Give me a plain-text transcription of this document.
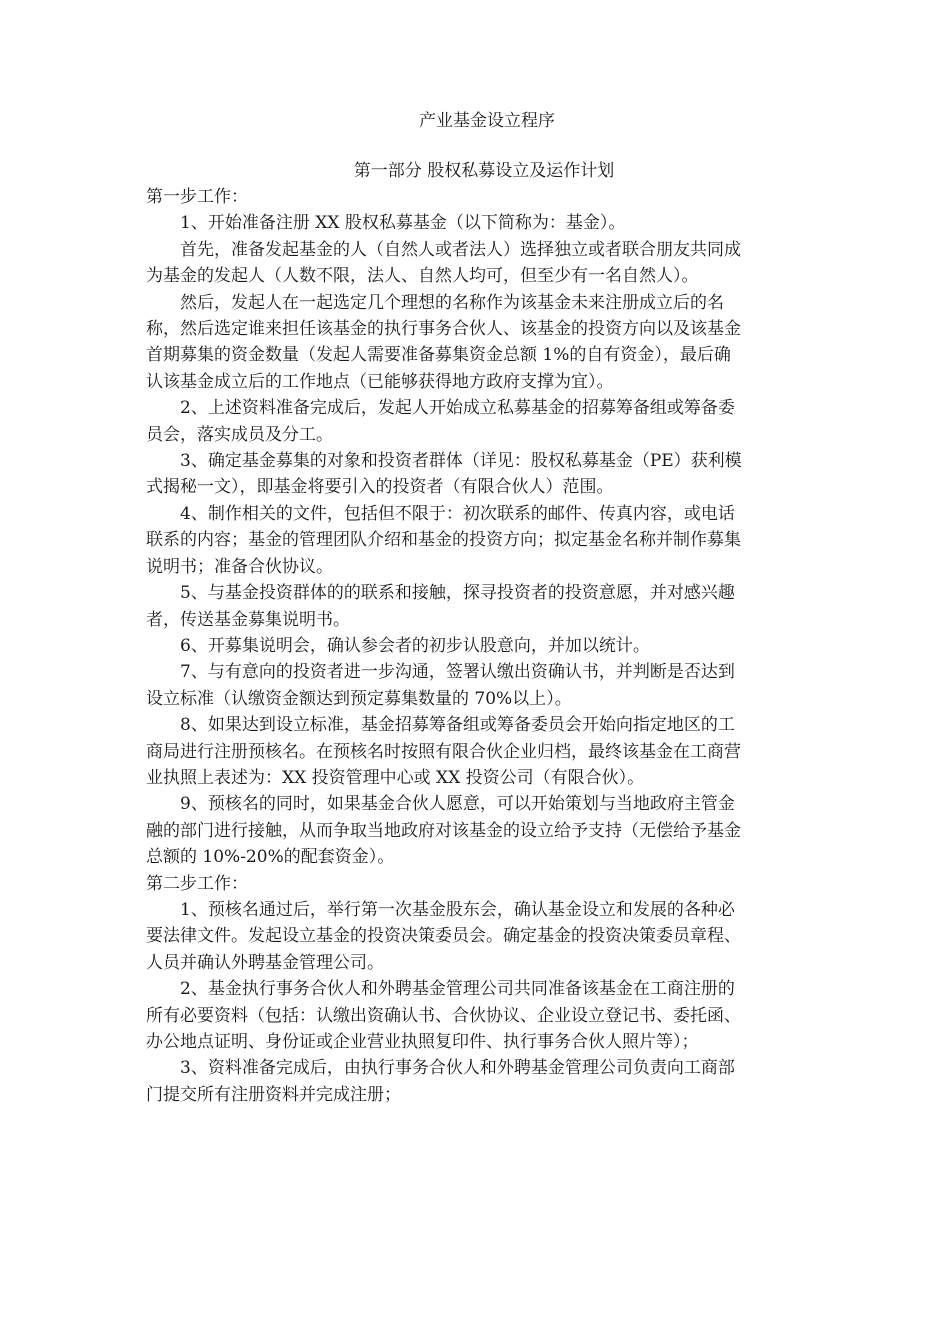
产业基金设立程序

第一部分 股权私募设立及运作计划

第一步工作：

1、开始准备注册 XX 股权私募基金（以下简称为：基金）。
首先，准备发起基金的人（自然人或者法人）选择独立或者联合朋友共同成
为基金的发起人（人数不限，法人、自然人均可，但至少有一名自然人）。
然后，发起人在一起选定几个理想的名称作为该基金未来注册成立后的名
称，然后选定谁来担任该基金的执行事务合伙人、该基金的投资方向以及该基金
首期募集的资金数量（发起人需要准备募集资金总额 1%的自有资金），最后确
认该基金成立后的工作地点（已能够获得地方政府支撑为宜）。
2、上述资料准备完成后，发起人开始成立私募基金的招募筹备组或筹备委
员会，落实成员及分工。
3、确定基金募集的对象和投资者群体（详见：股权私募基金（PE）获利模
式揭秘一文），即基金将要引入的投资者（有限合伙人）范围。
4、制作相关的文件，包括但不限于：初次联系的邮件、传真内容，或电话
联系的内容；基金的管理团队介绍和基金的投资方向；拟定基金名称并制作募集
说明书；准备合伙协议。
5、与基金投资群体的的联系和接触，探寻投资者的投资意愿，并对感兴趣
者，传送基金募集说明书。
6、开募集说明会，确认参会者的初步认股意向，并加以统计。
7、与有意向的投资者进一步沟通，签署认缴出资确认书，并判断是否达到
设立标准（认缴资金额达到预定募集数量的 70%以上）。
8、如果达到设立标准，基金招募筹备组或筹备委员会开始向指定地区的工
商局进行注册预核名。在预核名时按照有限合伙企业归档，最终该基金在工商营
业执照上表述为：XX 投资管理中心或 XX 投资公司（有限合伙）。
9、预核名的同时，如果基金合伙人愿意，可以开始策划与当地政府主管金
融的部门进行接触，从而争取当地政府对该基金的设立给予支持（无偿给予基金
总额的 10%-20%的配套资金）。

第二步工作：

1、预核名通过后，举行第一次基金股东会，确认基金设立和发展的各种必
要法律文件。发起设立基金的投资决策委员会。确定基金的投资决策委员章程、
人员并确认外聘基金管理公司。
2、基金执行事务合伙人和外聘基金管理公司共同准备该基金在工商注册的
所有必要资料（包括：认缴出资确认书、合伙协议、企业设立登记书、委托函、
办公地点证明、身份证或企业营业执照复印件、执行事务合伙人照片等）；
3、资料准备完成后，由执行事务合伙人和外聘基金管理公司负责向工商部
门提交所有注册资料并完成注册；
